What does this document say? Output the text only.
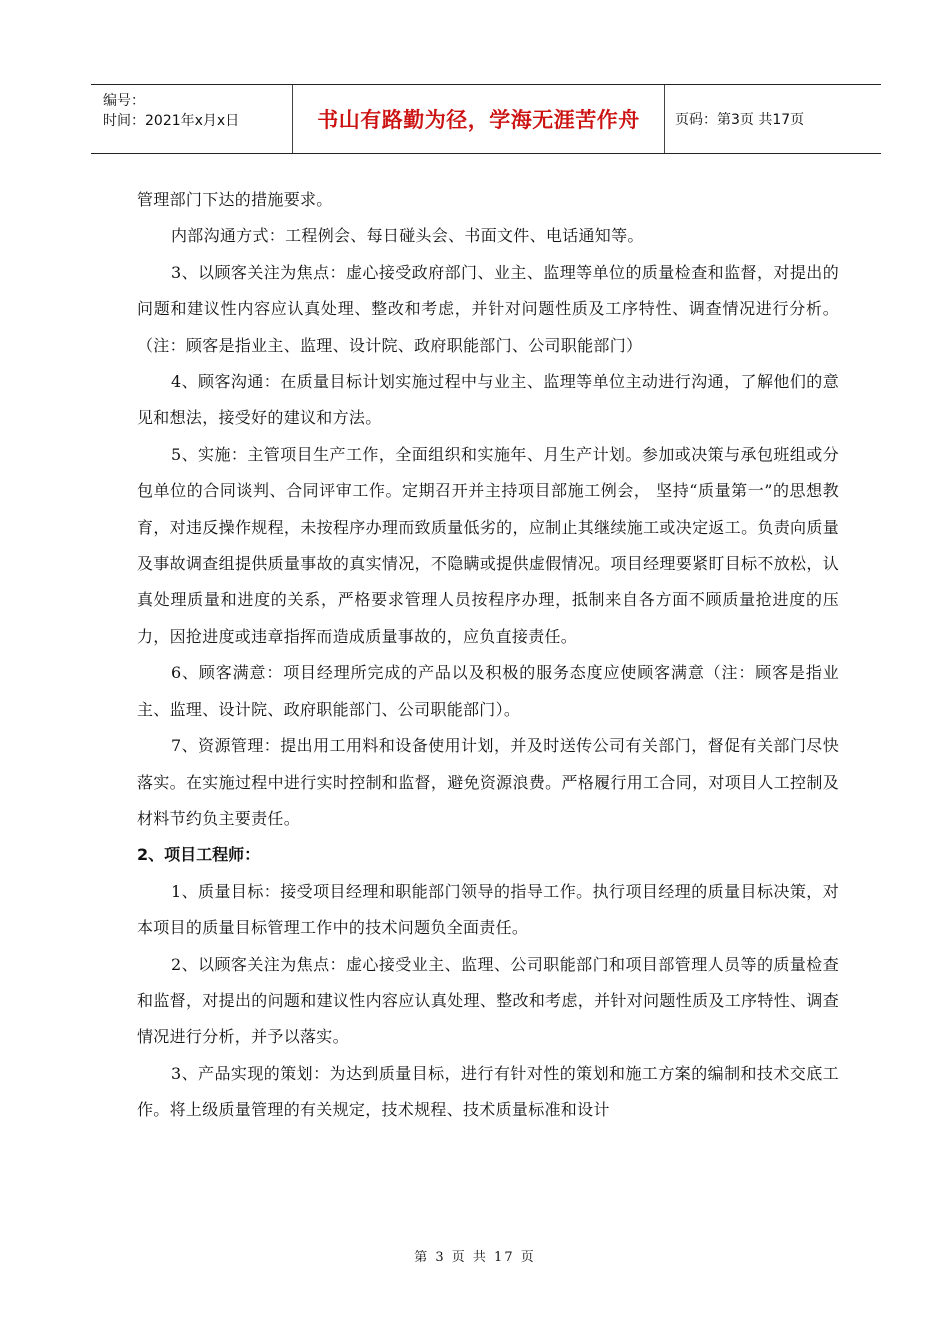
编号：
时间：2021年x月x日	书山有路勤为径，学海无涯苦作舟	页码：第3页 共17页

管理部门下达的措施要求。

内部沟通方式：工程例会、每日碰头会、书面文件、电话通知等。

3、以顾客关注为焦点：虚心接受政府部门、业主、监理等单位的质量检查和监督，对提出的问题和建议性内容应认真处理、整改和考虑，并针对问题性质及工序特性、调查情况进行分析。（注：顾客是指业主、监理、设计院、政府职能部门、公司职能部门）

4、顾客沟通：在质量目标计划实施过程中与业主、监理等单位主动进行沟通，了解他们的意见和想法，接受好的建议和方法。

5、实施：主管项目生产工作，全面组织和实施年、月生产计划。参加或决策与承包班组或分包单位的合同谈判、合同评审工作。定期召开并主持项目部施工例会， 坚持“质量第一”的思想教育，对违反操作规程，未按程序办理而致质量低劣的，应制止其继续施工或决定返工。负责向质量及事故调查组提供质量事故的真实情况，不隐瞒或提供虚假情况。项目经理要紧盯目标不放松，认真处理质量和进度的关系，严格要求管理人员按程序办理，抵制来自各方面不顾质量抢进度的压力，因抢进度或违章指挥而造成质量事故的，应负直接责任。

6、顾客满意：项目经理所完成的产品以及积极的服务态度应使顾客满意（注：顾客是指业主、监理、设计院、政府职能部门、公司职能部门）。

7、资源管理：提出用工用料和设备使用计划，并及时送传公司有关部门，督促有关部门尽快落实。在实施过程中进行实时控制和监督，避免资源浪费。严格履行用工合同，对项目人工控制及材料节约负主要责任。

2、项目工程师：

1、质量目标：接受项目经理和职能部门领导的指导工作。执行项目经理的质量目标决策，对本项目的质量目标管理工作中的技术问题负全面责任。

2、以顾客关注为焦点：虚心接受业主、监理、公司职能部门和项目部管理人员等的质量检查和监督，对提出的问题和建议性内容应认真处理、整改和考虑，并针对问题性质及工序特性、调查情况进行分析，并予以落实。

3、产品实现的策划：为达到质量目标，进行有针对性的策划和施工方案的编制和技术交底工作。将上级质量管理的有关规定，技术规程、技术质量标准和设计

第 3 页 共 17 页
